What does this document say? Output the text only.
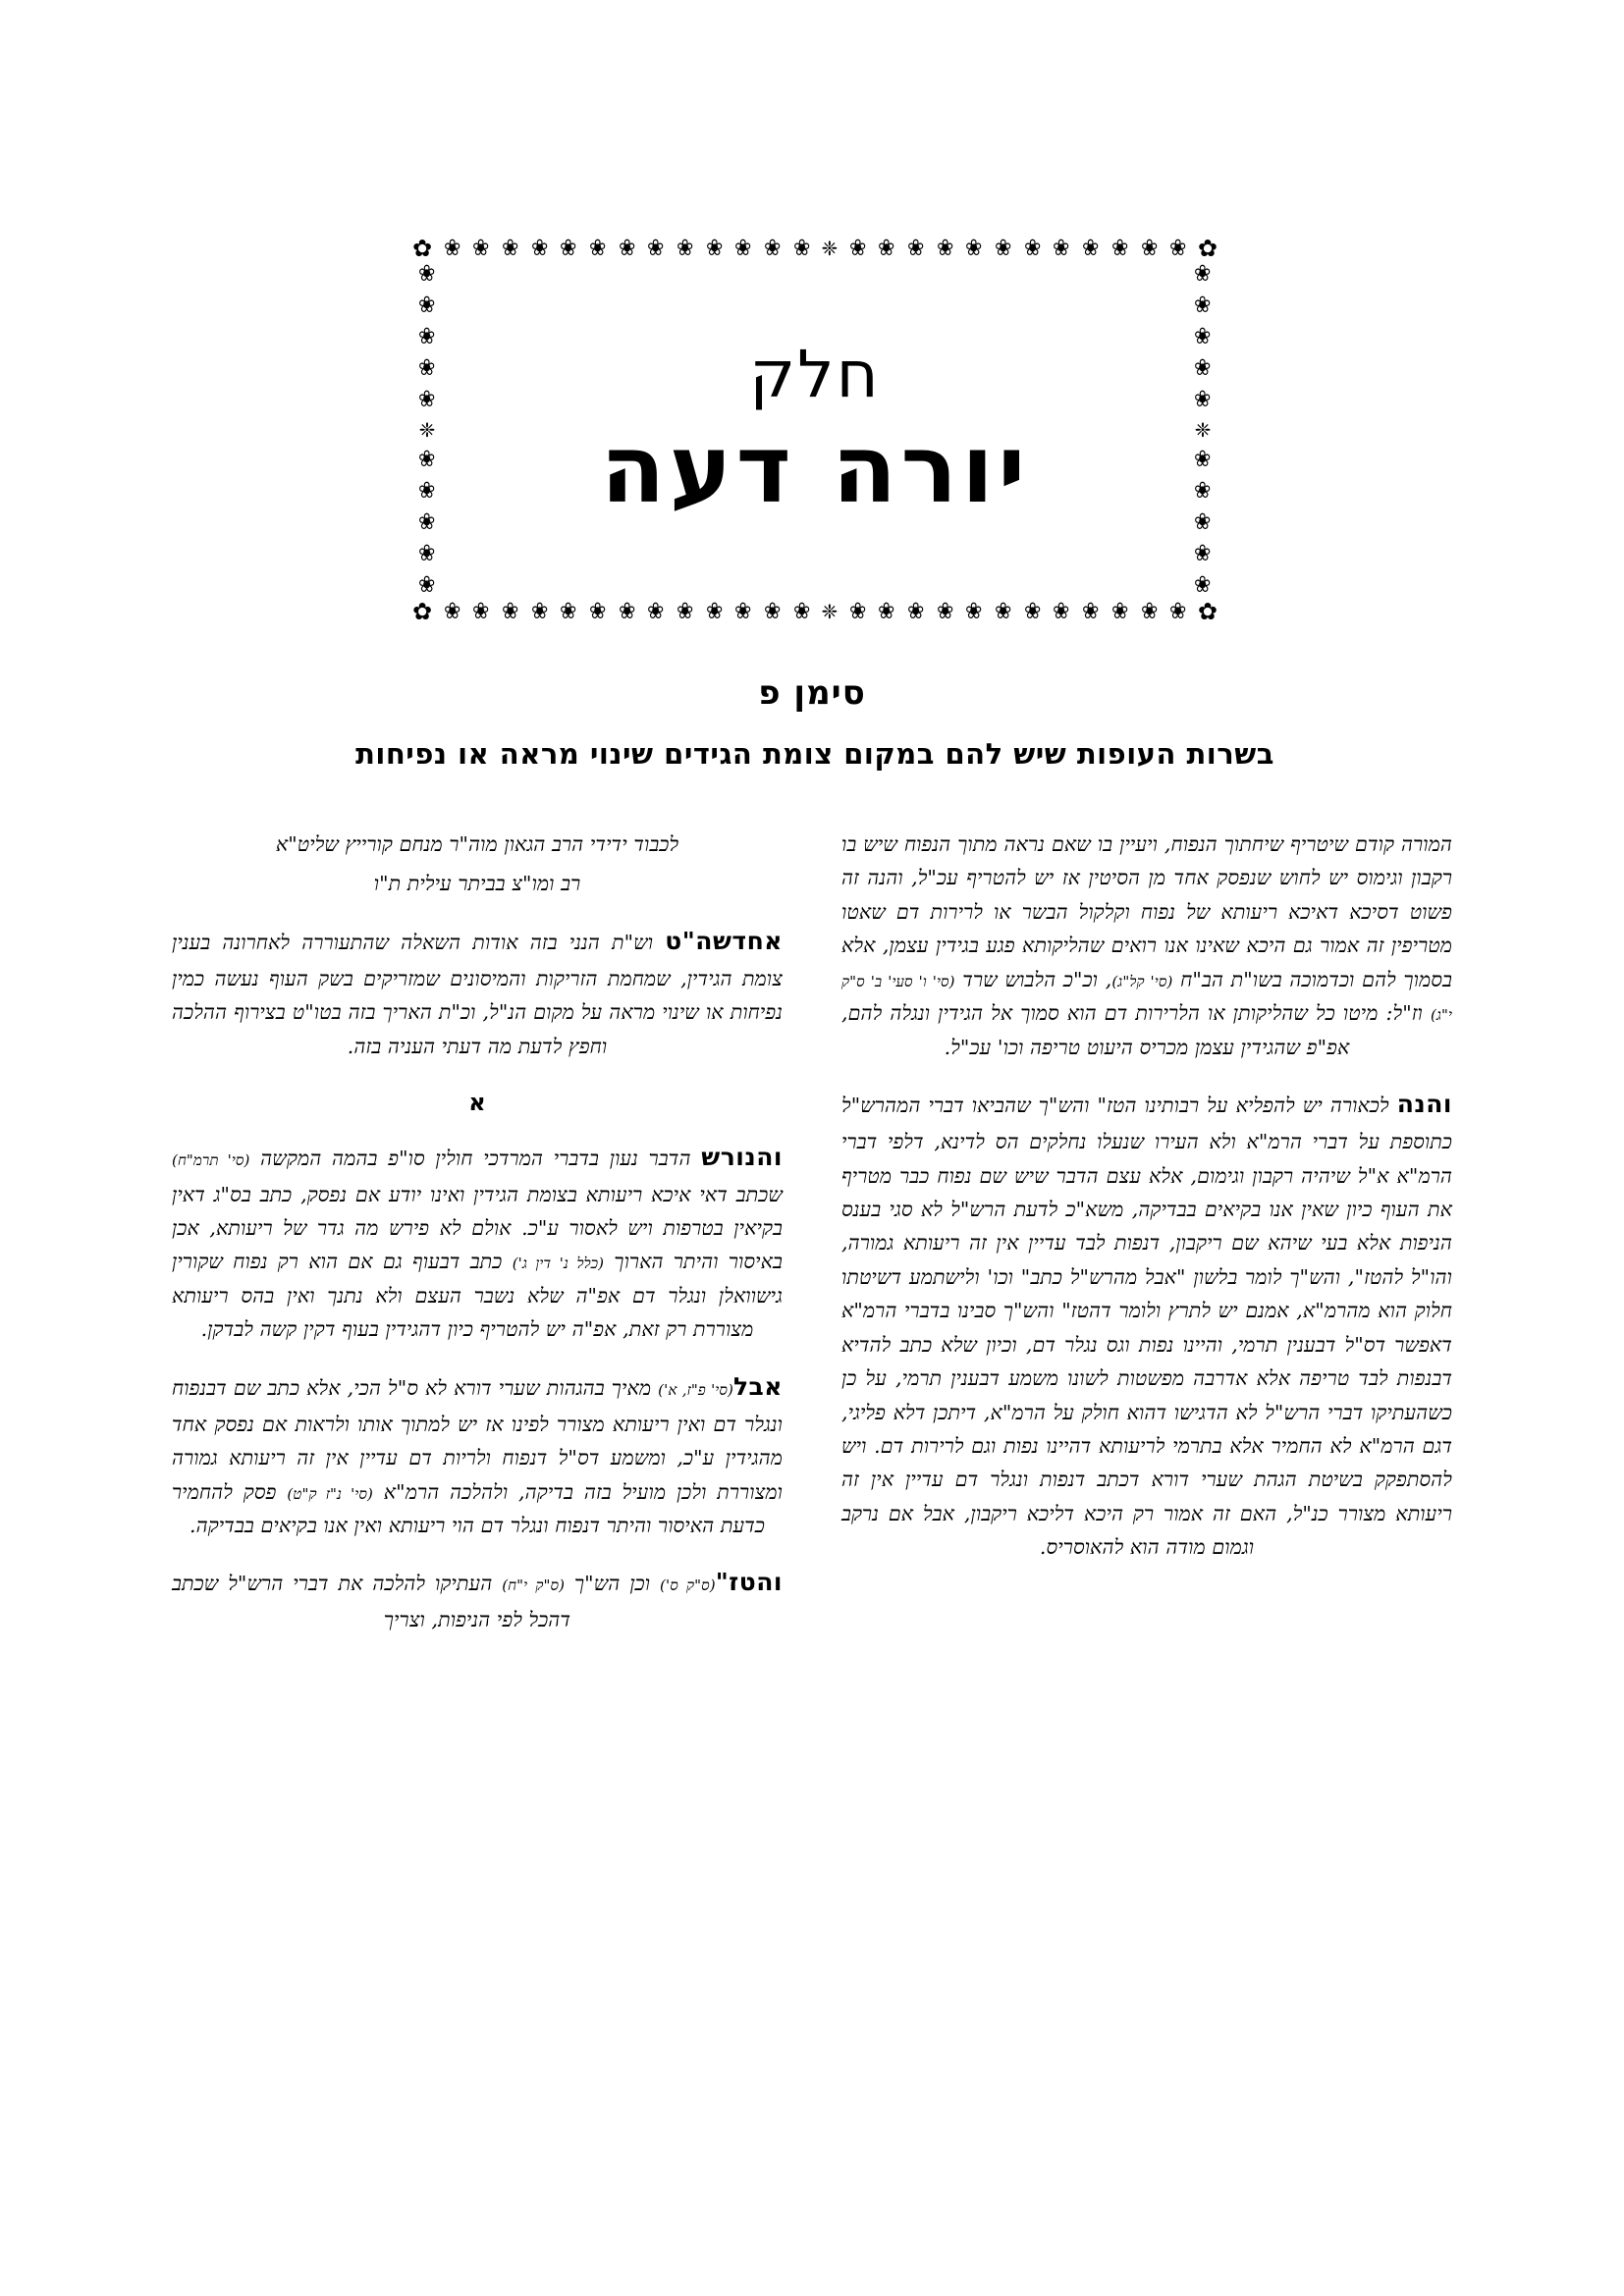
✿ ❀ ❀ ❀ ❀ ❀ ❀ ❀ ❀ ❀ ❀ ❀ ❀ ❀ ❈ ❀ ❀ ❀ ❀ ❀ ❀ ❀ ❀ ❀ ❀ ❀ ❀ ✿
❀
❀
❀
❀
❀
❈
❀
❀
❀
❀
❀
❀
❀
❀
❀
❀
❈
❀
❀
❀
❀
❀
✿ ❀ ❀ ❀ ❀ ❀ ❀ ❀ ❀ ❀ ❀ ❀ ❀ ❀ ❈ ❀ ❀ ❀ ❀ ❀ ❀ ❀ ❀ ❀ ❀ ❀ ❀ ✿
חלק
יורה דעה
סימן פ
בשרות העופות שיש להם במקום צומת הגידים שינוי מראה או נפיחות

לכבוד ידידי הרב הגאון מוה"ר מנחם קורייץ שליט"א

רב ומו"צ בביתר עילית ת"ו

אחדשה"ט וש"ת הנני בזה אודות השאלה שהתעוררה לאחרונה בענין צומת הגידין, שמחמת הזריקות והמיסונים שמזריקים בשק העוף נעשה כמין נפיחות או שינוי מראה על מקום הנ"ל, וכ"ת האריך בזה בטו"ט בצירוף ההלכה וחפץ לדעת מה דעתי העניה בזה.

א

והנורש הדבר נעון בדברי המרדכי חולין סו"פ בהמה המקשה (סי' תרמ"ח) שכתב דאי איכא ריעותא בצומת הגידין ואינו יודע אם נפסק, כתב בס"ג דאין בקיאין בטרפות ויש לאסור ע"כ. אולם לא פירש מה גדר של ריעותא, אכן באיסור והיתר הארוך (כלל נ' דין ג') כתב דבעוף גם אם הוא רק נפוח שקורין גישוואלן ונגלר דם אפ"ה שלא נשבר העצם ולא נתנך ואין בהס ריעותא מצוררת רק זאת, אפ"ה יש להטריף כיון דהגידין בעוף דקין קשה לבדקן.

אבל(סי' פ"ז, א') מאיך בהגהות שערי דורא לא ס"ל הכי, אלא כתב שם דבנפוח ונגלר דם ואין ריעותא מצורר לפינו אז יש למתוך אותו ולראות אם נפסק אחד מהגידין ע"כ, ומשמע דס"ל דנפוח ולריות דם עדיין אין זה ריעותא גמורה ומצוררת ולכן מועיל בזה בדיקה, ולהלכה הרמ"א (סי' נ"ז ק"ט) פסק להחמיר כדעת האיסור והיתר דנפוח ונגלר דם הוי ריעותא ואין אנו בקיאים בבדיקה.

והטז"(ס"ק ס') וכן הש"ך (ס"ק י"ח) העתיקו להלכה את דברי הרש"ל שכתב דהכל לפי הניפות, וצריך

המורה קודם שיטריף שיחתוך הנפוח, ויעיין בו שאם נראה מתוך הנפוח שיש בו רקבון וגימוס יש לחוש שנפסק אחד מן הסיטין אז יש להטריף עכ"ל, והנה זה פשוט דסיכא דאיכא ריעותא של נפוח וקלקול הבשר או לרירות דם שאטו מטריפין זה אמור גם היכא שאינו אנו רואים שהליקותא פגע בגידין עצמן, אלא בסמוך להם וכדמוכה בשו"ת הב"ח (סי' קל"ג), וכ"כ הלבוש שרד (סי' ו' סעי' ב' ס"ק י"ג) וז"ל: מיטו כל שהליקותן או הלרירות דם הוא סמוך אל הגידין ונגלה להם, אפ"פ שהגידין עצמן מכריס היעוט טריפה וכו' עכ"ל.

והנה לכאורה יש להפליא על רבותינו הטז" והש"ך שהביאו דברי המהרש"ל כתוספת על דברי הרמ"א ולא העירו שנעלו נחלקים הס לדינא, דלפי דברי הרמ"א א"ל שיהיה רקבון וגימום, אלא עצם הדבר שיש שם נפוח כבר מטריף את העוף כיון שאין אנו בקיאים בבדיקה, משא"כ לדעת הרש"ל לא סגי בענס הניפות אלא בעי שיהא שם ריקבון, דנפות לבד עדיין אין זה ריעותא גמורה, והו"ל להטז", והש"ך לומר בלשון "אבל מהרש"ל כתב" וכו' ולישתמע דשיטתו חלוק הוא מהרמ"א, אמנם יש לתרץ ולומר דהטז" והש"ך סבינו בדברי הרמ"א דאפשר דס"ל דבענין תרמי, והיינו נפות וגס נגלר דם, וכיון שלא כתב להדיא דבנפות לבד טריפה אלא אדרבה מפשטות לשונו משמע דבענין תרמי, על כן כשהעתיקו דברי הרש"ל לא הדגישו דהוא חולק על הרמ"א, דיתכן דלא פליגי, דגם הרמ"א לא החמיר אלא בתרמי לריעותא דהיינו נפות וגם לרירות דם. ויש להסתפקק בשיטת הגהת שערי דורא דכתב דנפות ונגלר דם עדיין אין זה ריעותא מצורר כנ"ל, האם זה אמור רק היכא דליכא ריקבון, אבל אם נרקב וגמום מודה הוא להאוסריס.
